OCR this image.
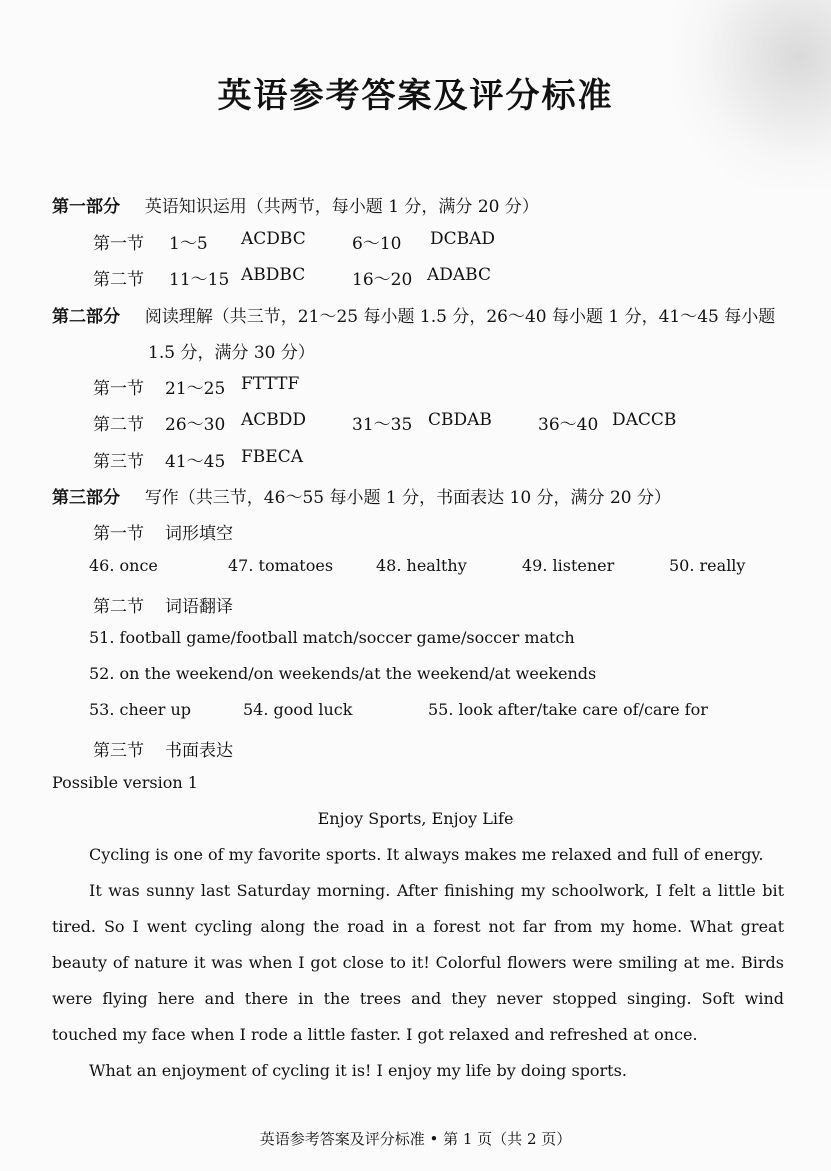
英语参考答案及评分标准
第一部分 英语知识运用（共两节，每小题 1 分，满分 20 分）
第一节 1～5 ACDBC	6～10 DCBAD
第二节 11～15 ABDBC	16～20 ADABC
第二部分 阅读理解（共三节，21～25 每小题 1.5 分，26～40 每小题 1 分，41～45 每小题
1.5 分，满分 30 分）
第一节 21～25 FTTTF
第二节 26～30 ACBDD	31～35 CBDAB	36～40 DACCB
第三节 41～45 FBECA
第三部分 写作（共三节，46～55 每小题 1 分，书面表达 10 分，满分 20 分）
第一节 词形填空
46. once	47. tomatoes	48. healthy	49. listener	50. really
第二节 词语翻译
51. football game/football match/soccer game/soccer match
52. on the weekend/on weekends/at the weekend/at weekends
53. cheer up	54. good luck	55. look after/take care of/care for
第三节 书面表达
Possible version 1
Enjoy Sports, Enjoy Life
Cycling is one of my favorite sports. It always makes me relaxed and full of energy.
It was sunny last Saturday morning. After finishing my schoolwork, I felt a little bit tired. So I went cycling along the road in a forest not far from my home. What great beauty of nature it was when I got close to it! Colorful flowers were smiling at me. Birds were flying here and there in the trees and they never stopped singing. Soft wind touched my face when I rode a little faster. I got relaxed and refreshed at once.
What an enjoyment of cycling it is! I enjoy my life by doing sports.
英语参考答案及评分标准 • 第 1 页（共 2 页）
